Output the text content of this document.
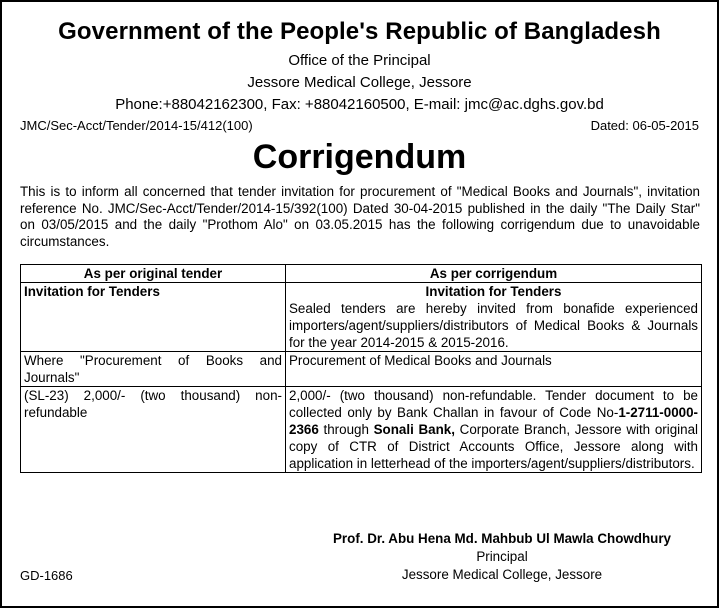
Government of the People's Republic of Bangladesh
Office of the Principal
Jessore Medical College, Jessore
Phone:+88042162300, Fax: +88042160500, E-mail: jmc@ac.dghs.gov.bd
JMC/Sec-Acct/Tender/2014-15/412(100)	Dated: 06-05-2015
Corrigendum
This is to inform all concerned that tender invitation for procurement of "Medical Books and Journals", invitation reference No. JMC/Sec-Acct/Tender/2014-15/392(100) Dated 30-04-2015 published in the daily "The Daily Star" on 03/05/2015 and the daily "Prothom Alo" on 03.05.2015 has the following corrigendum due to unavoidable circumstances.
As per original tender	As per corrigendum
Invitation for Tenders	Invitation for Tenders
Sealed tenders are hereby invited from bonafide experienced importers/agent/suppliers/distributors of Medical Books & Journals for the year 2014-2015 & 2015-2016.

Where "Procurement of Books and Journals"	Procurement of Medical Books and Journals
(SL-23) 2,000/- (two thousand) non-refundable	2,000/- (two thousand) non-refundable. Tender document to be collected only by Bank Challan in favour of Code No-1-2711-0000-2366 through Sonali Bank, Corporate Branch, Jessore with original copy of CTR of District Accounts Office, Jessore along with application in letterhead of the importers/agent/suppliers/distributors.
Prof. Dr. Abu Hena Md. Mahbub Ul Mawla Chowdhury
Principal
Jessore Medical College, Jessore
GD-1686
